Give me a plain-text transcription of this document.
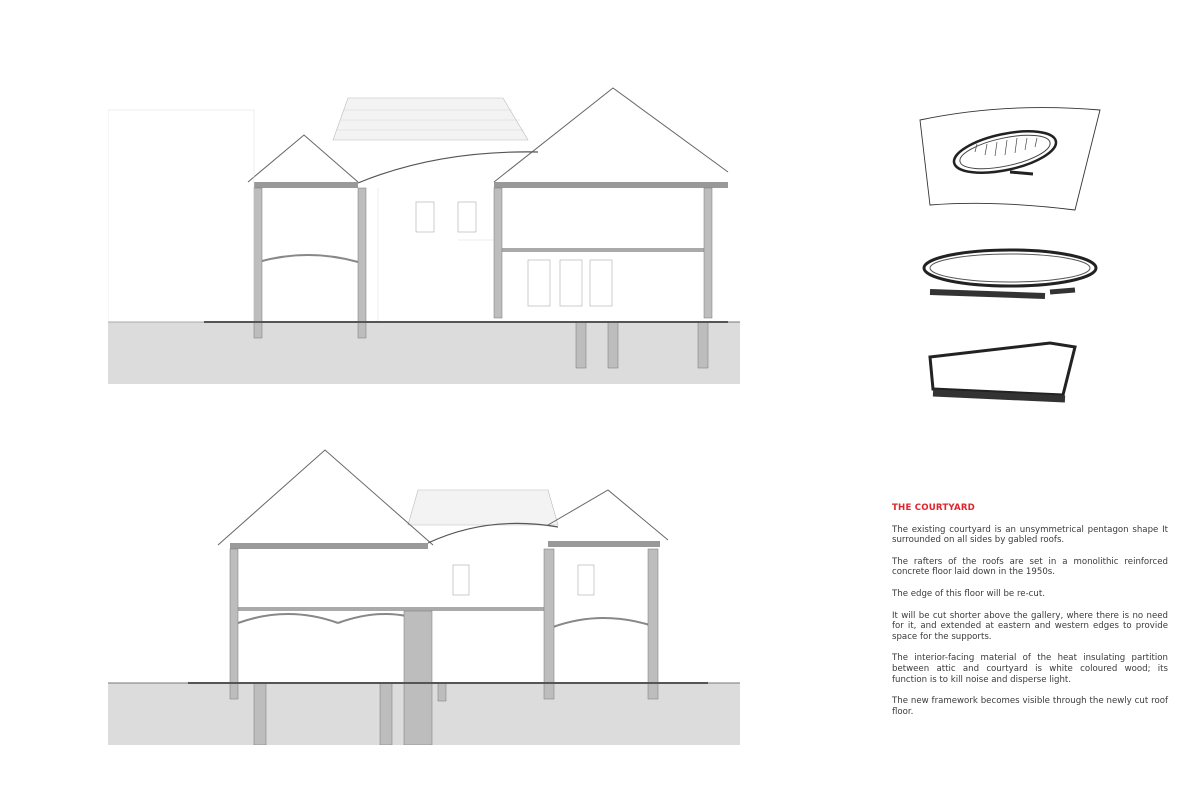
THE COURTYARD

The existing courtyard is an unsymmetrical pentagon shape It surrounded on all sides by gabled roofs.

The rafters of the roofs are set in a monolithic reinforced concrete floor laid down in the 1950s.

The edge of this floor will be re-cut.

It will be cut shorter above the gallery, where there is no need for it, and extended at eastern and western edges to provide space for the supports.

The interior-facing material of the heat insulating partition between attic and courtyard is white coloured wood; its function is to kill noise and disperse light.

The new framework becomes visible through the newly cut roof floor.
